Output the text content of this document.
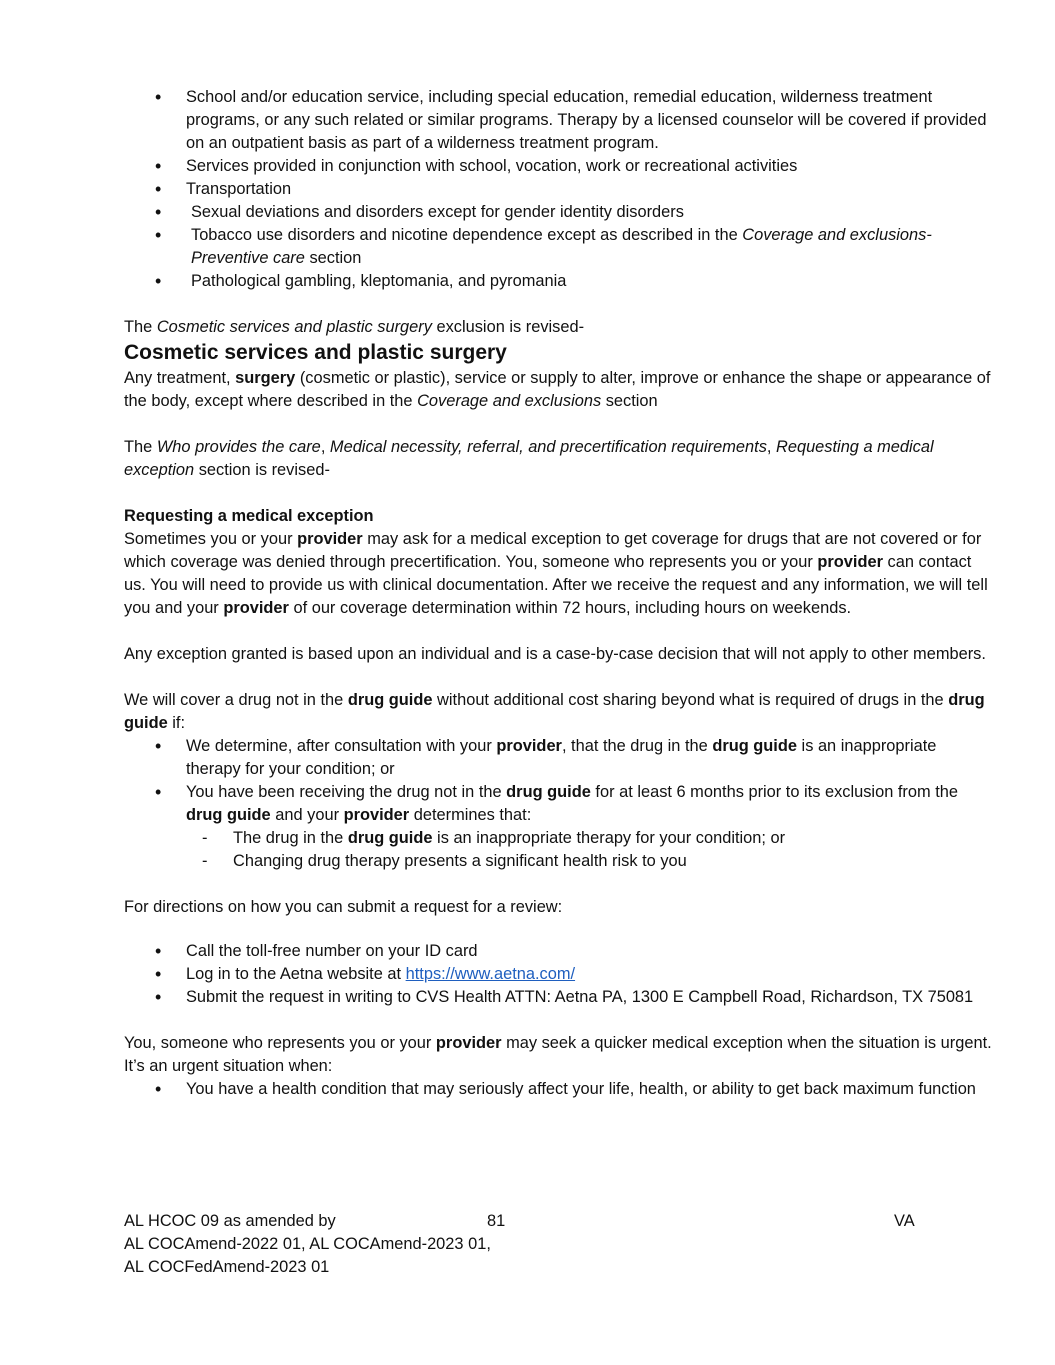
• School and/or education service, including special education, remedial education, wilderness treatment programs, or any such related or similar programs. Therapy by a licensed counselor will be covered if provided on an outpatient basis as part of a wilderness treatment program.
• Services provided in conjunction with school, vocation, work or recreational activities
• Transportation
• Sexual deviations and disorders except for gender identity disorders
• Tobacco use disorders and nicotine dependence except as described in the Coverage and exclusions- Preventive care section
• Pathological gambling, kleptomania, and pyromania

The Cosmetic services and plastic surgery exclusion is revised-

Cosmetic services and plastic surgery

Any treatment, surgery (cosmetic or plastic), service or supply to alter, improve or enhance the shape or appearance of the body, except where described in the Coverage and exclusions section

The Who provides the care, Medical necessity, referral, and precertification requirements, Requesting a medical exception section is revised-

Requesting a medical exception

Sometimes you or your provider may ask for a medical exception to get coverage for drugs that are not covered or for which coverage was denied through precertification. You, someone who represents you or your provider can contact us. You will need to provide us with clinical documentation. After we receive the request and any information, we will tell you and your provider of our coverage determination within 72 hours, including hours on weekends.

Any exception granted is based upon an individual and is a case-by-case decision that will not apply to other members.

We will cover a drug not in the drug guide without additional cost sharing beyond what is required of drugs in the drug guide if:

• We determine, after consultation with your provider, that the drug in the drug guide is an inappropriate therapy for your condition; or
• You have been receiving the drug not in the drug guide for at least 6 months prior to its exclusion from the drug guide and your provider determines that:
- The drug in the drug guide is an inappropriate therapy for your condition; or
- Changing drug therapy presents a significant health risk to you

For directions on how you can submit a request for a review:

• Call the toll-free number on your ID card
• Log in to the Aetna website at https://www.aetna.com/
• Submit the request in writing to CVS Health ATTN: Aetna PA, 1300 E Campbell Road, Richardson, TX 75081

You, someone who represents you or your provider may seek a quicker medical exception when the situation is urgent. It’s an urgent situation when:

• You have a health condition that may seriously affect your life, health, or ability to get back maximum function
AL HCOC 09 as amended by	81	VA
AL COCAmend-2022 01, AL COCAmend-2023 01,
AL COCFedAmend-2023 01
